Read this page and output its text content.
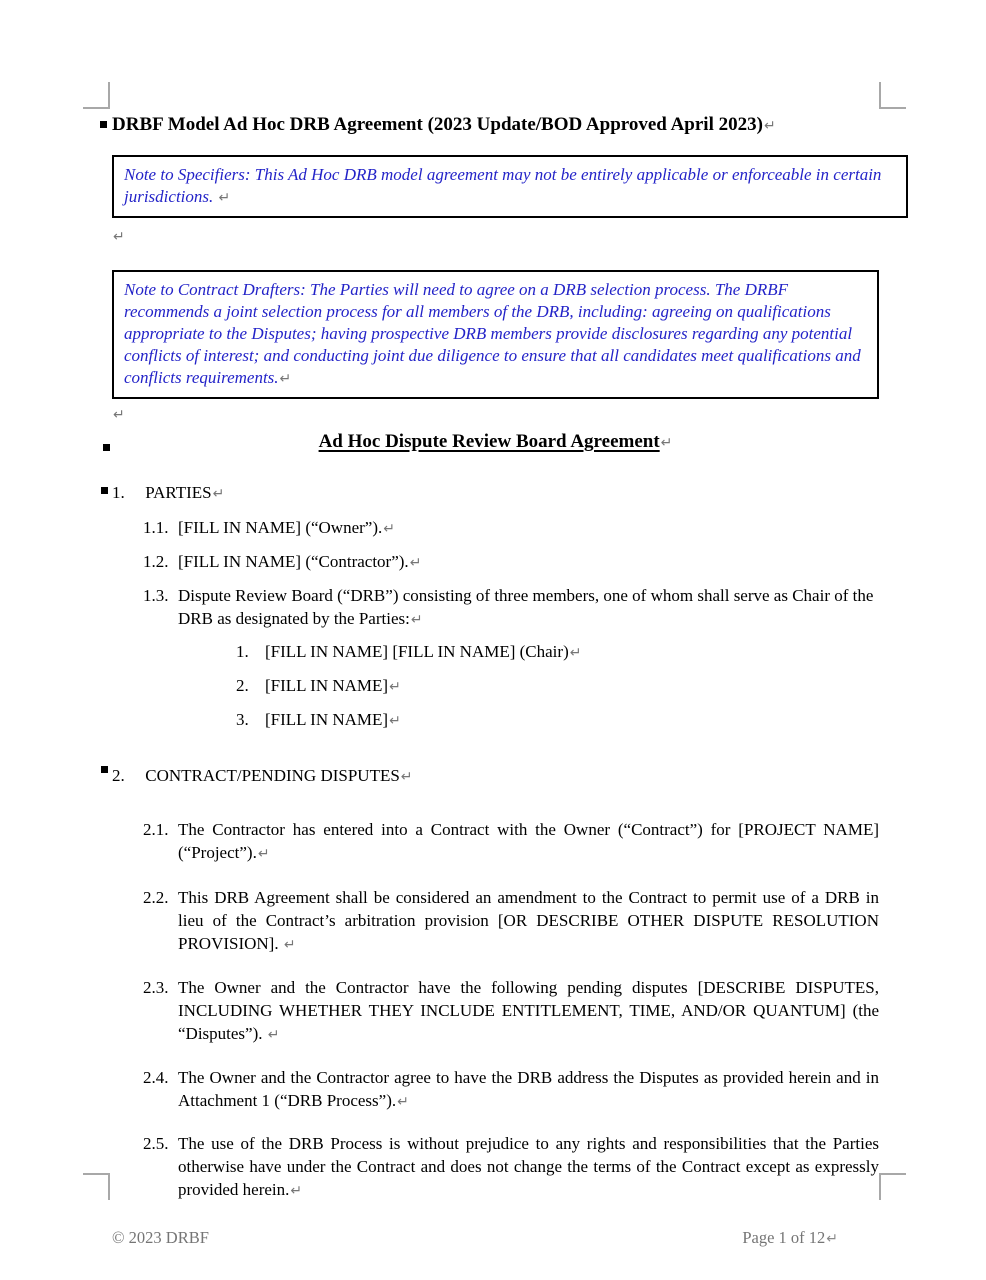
DRBF Model Ad Hoc DRB Agreement (2023 Update/BOD Approved April 2023)↵
Note to Specifiers: This Ad Hoc DRB model agreement may not be entirely applicable or enforceable in certain jurisdictions. ↵
↵
Note to Contract Drafters: The Parties will need to agree on a DRB selection process. The DRBF recommends a joint selection process for all members of the DRB, including: agreeing on qualifications appropriate to the Disputes; having prospective DRB members provide disclosures regarding any potential conflicts of interest; and conducting joint due diligence to ensure that all candidates meet qualifications and conflicts requirements.↵
↵
Ad Hoc Dispute Review Board Agreement↵
1. PARTIES↵
1.1. [FILL IN NAME] (“Owner”).↵
1.2. [FILL IN NAME] (“Contractor”).↵
1.3. Dispute Review Board (“DRB”) consisting of three members, one of whom shall serve as Chair of the DRB as designated by the Parties:↵
1. [FILL IN NAME] [FILL IN NAME] (Chair)↵
2. [FILL IN NAME]↵
3. [FILL IN NAME]↵
2. CONTRACT/PENDING DISPUTES↵
2.1. The Contractor has entered into a Contract with the Owner (“Contract”) for [PROJECT NAME] (“Project”).↵
2.2. This DRB Agreement shall be considered an amendment to the Contract to permit use of a DRB in lieu of the Contract’s arbitration provision [OR DESCRIBE OTHER DISPUTE RESOLUTION PROVISION]. ↵
2.3. The Owner and the Contractor have the following pending disputes [DESCRIBE DISPUTES, INCLUDING WHETHER THEY INCLUDE ENTITLEMENT, TIME, AND/OR QUANTUM] (the “Disputes”). ↵
2.4. The Owner and the Contractor agree to have the DRB address the Disputes as provided herein and in Attachment 1 (“DRB Process”).↵
2.5. The use of the DRB Process is without prejudice to any rights and responsibilities that the Parties otherwise have under the Contract and does not change the terms of the Contract except as expressly provided herein.↵
© 2023 DRBF	Page 1 of 12↵
